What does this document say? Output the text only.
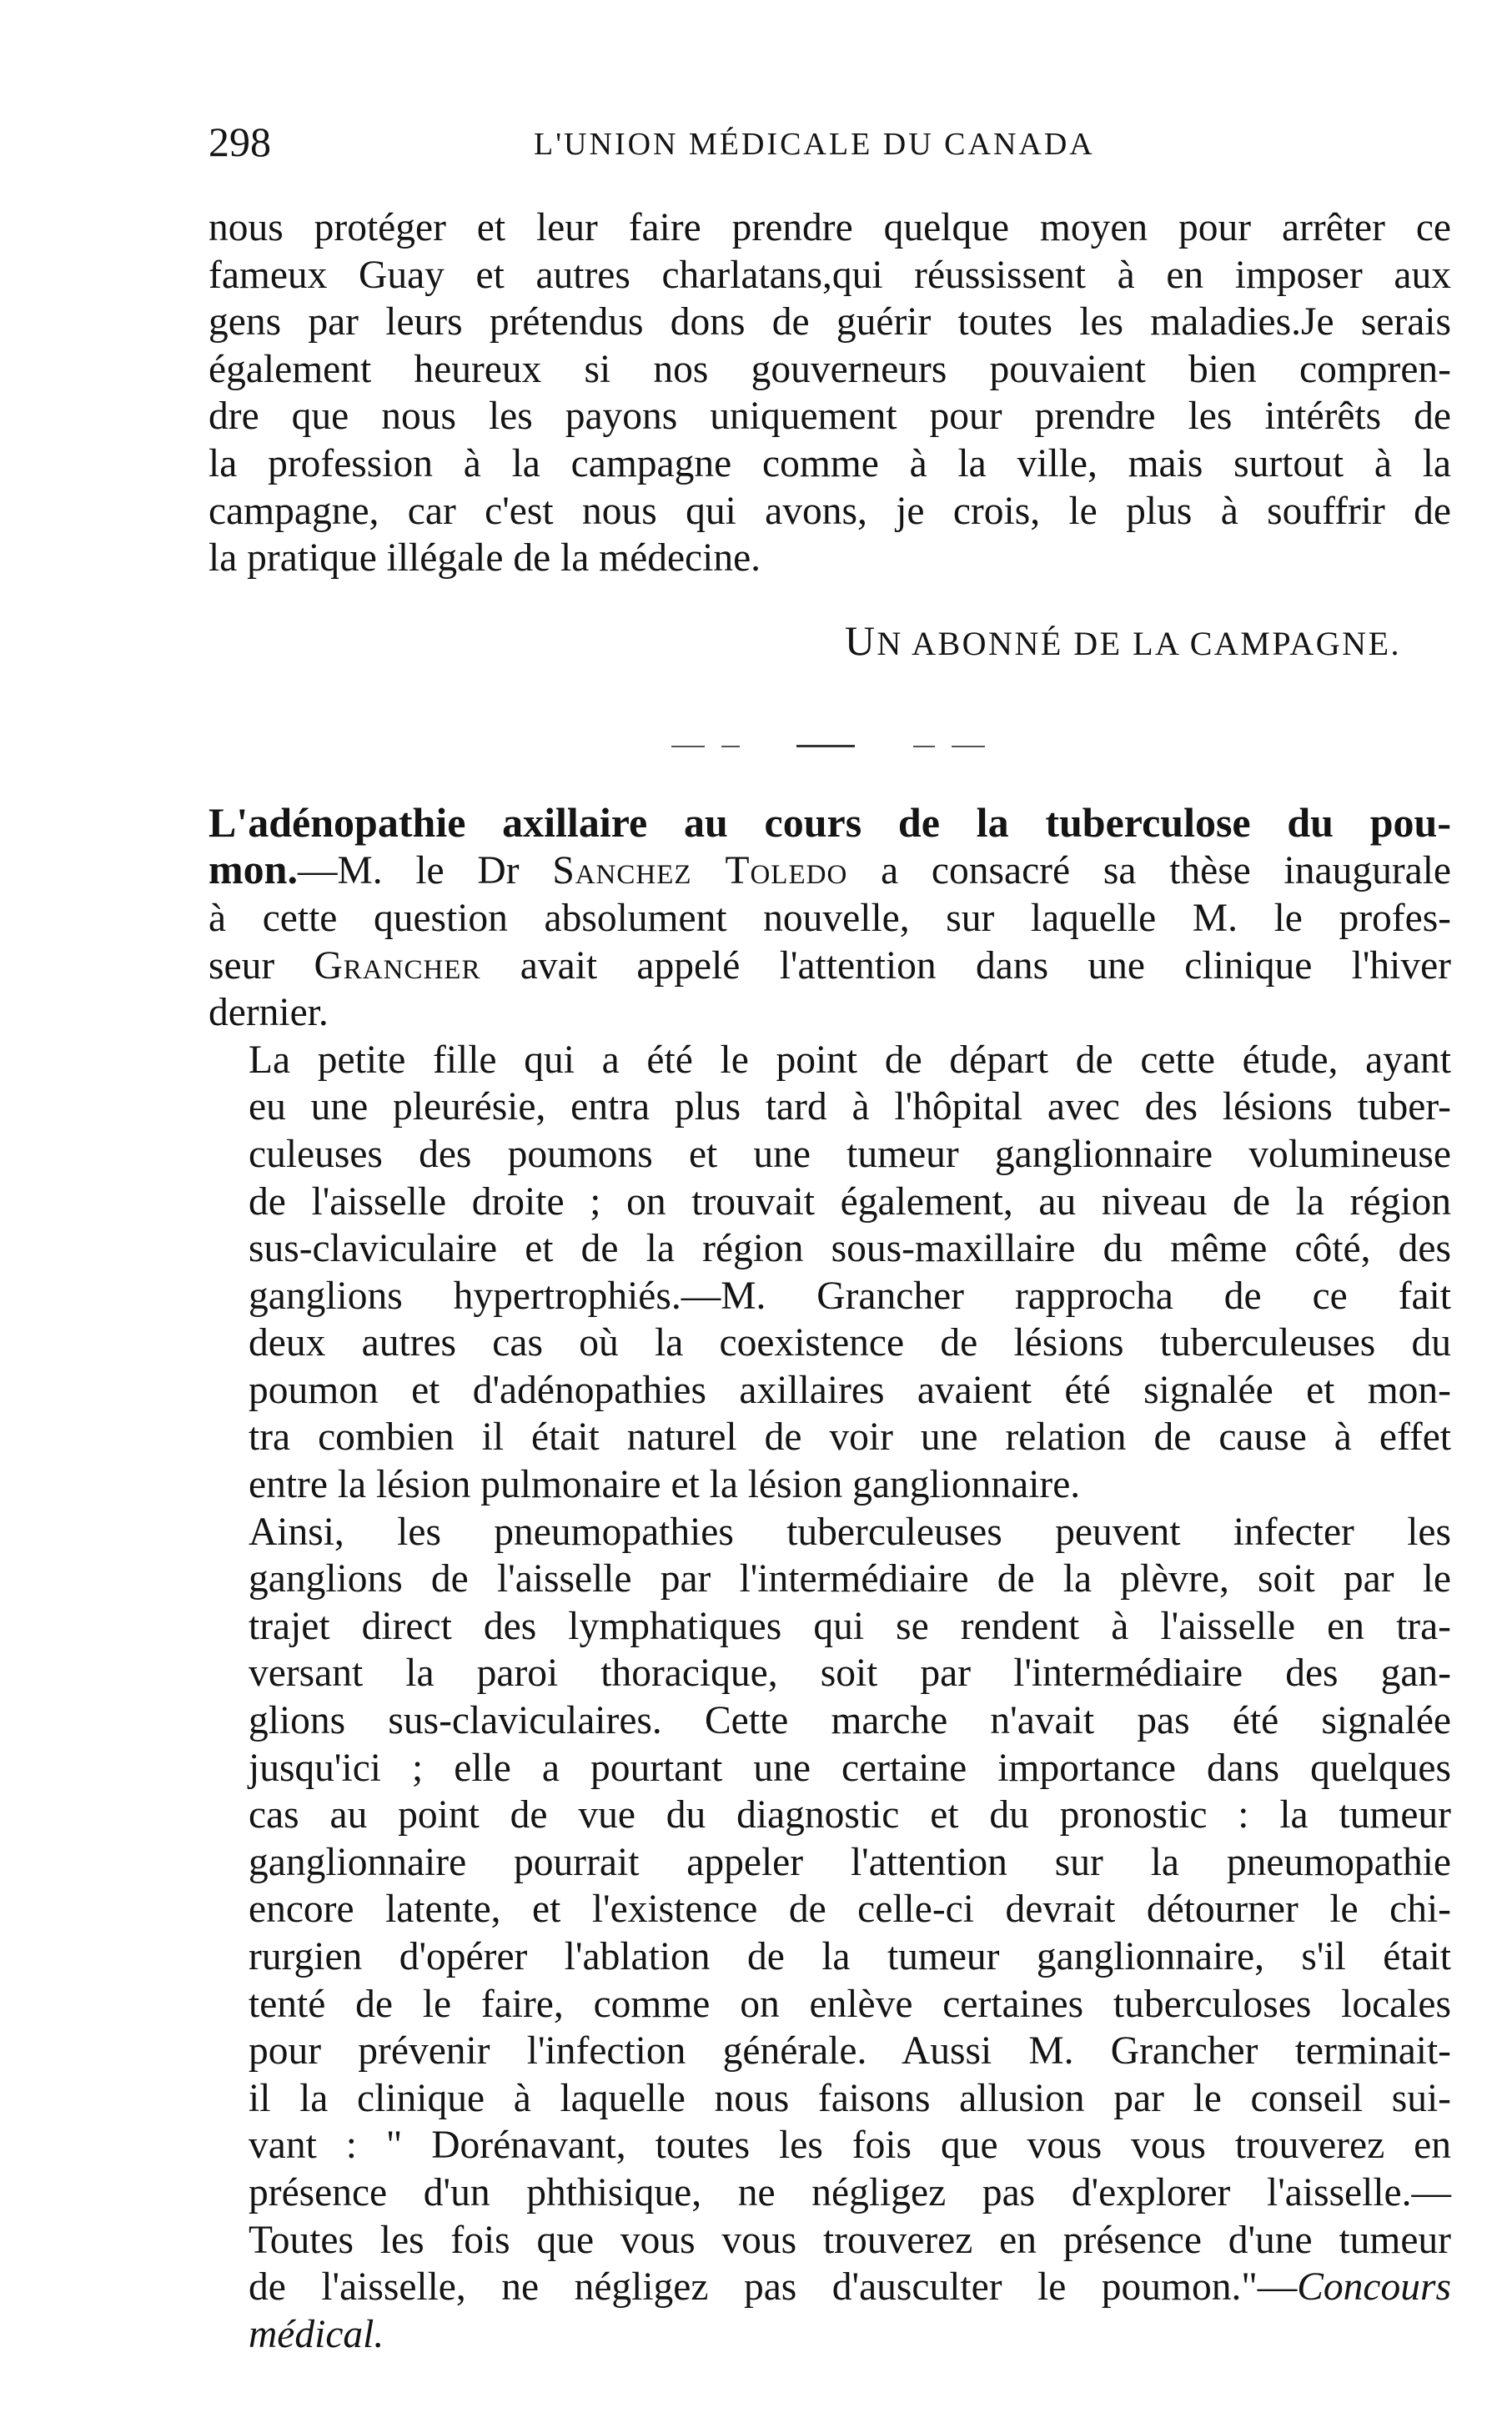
298	L'UNION MÉDICALE DU CANADA

nous protéger et leur faire prendre quelque moyen pour arrêter ce
fameux Guay et autres charlatans,qui réussissent à en imposer aux
gens par leurs prétendus dons de guérir toutes les maladies.Je serais
également heureux si nos gouverneurs pouvaient bien compren-
dre que nous les payons uniquement pour prendre les intérêts de
la profession à la campagne comme à la ville, mais surtout à la
campagne, car c'est nous qui avons, je crois, le plus à souffrir de
la pratique illégale de la médecine.

UN ABONNÉ DE LA CAMPAGNE.

L'adénopathie axillaire au cours de la tuberculose du pou-
mon.—M. le Dr Sanchez Toledo a consacré sa thèse inaugurale
à cette question absolument nouvelle, sur laquelle M. le profes-
seur Grancher avait appelé l'attention dans une clinique l'hiver
dernier.

La petite fille qui a été le point de départ de cette étude, ayant
eu une pleurésie, entra plus tard à l'hôpital avec des lésions tuber-
culeuses des poumons et une tumeur ganglionnaire volumineuse
de l'aisselle droite ; on trouvait également, au niveau de la région
sus-claviculaire et de la région sous-maxillaire du même côté, des
ganglions hypertrophiés.—M. Grancher rapprocha de ce fait
deux autres cas où la coexistence de lésions tuberculeuses du
poumon et d'adénopathies axillaires avaient été signalée et mon-
tra combien il était naturel de voir une relation de cause à effet
entre la lésion pulmonaire et la lésion ganglionnaire.

Ainsi, les pneumopathies tuberculeuses peuvent infecter les
ganglions de l'aisselle par l'intermédiaire de la plèvre, soit par le
trajet direct des lymphatiques qui se rendent à l'aisselle en tra-
versant la paroi thoracique, soit par l'intermédiaire des gan-
glions sus-claviculaires. Cette marche n'avait pas été signalée
jusqu'ici ; elle a pourtant une certaine importance dans quelques
cas au point de vue du diagnostic et du pronostic : la tumeur
ganglionnaire pourrait appeler l'attention sur la pneumopathie
encore latente, et l'existence de celle-ci devrait détourner le chi-
rurgien d'opérer l'ablation de la tumeur ganglionnaire, s'il était
tenté de le faire, comme on enlève certaines tuberculoses locales
pour prévenir l'infection générale. Aussi M. Grancher terminait-
il la clinique à laquelle nous faisons allusion par le conseil sui-
vant : " Dorénavant, toutes les fois que vous vous trouverez en
présence d'un phthisique, ne négligez pas d'explorer l'aisselle.—
Toutes les fois que vous vous trouverez en présence d'une tumeur
de l'aisselle, ne négligez pas d'ausculter le poumon."—Concours
médical.
